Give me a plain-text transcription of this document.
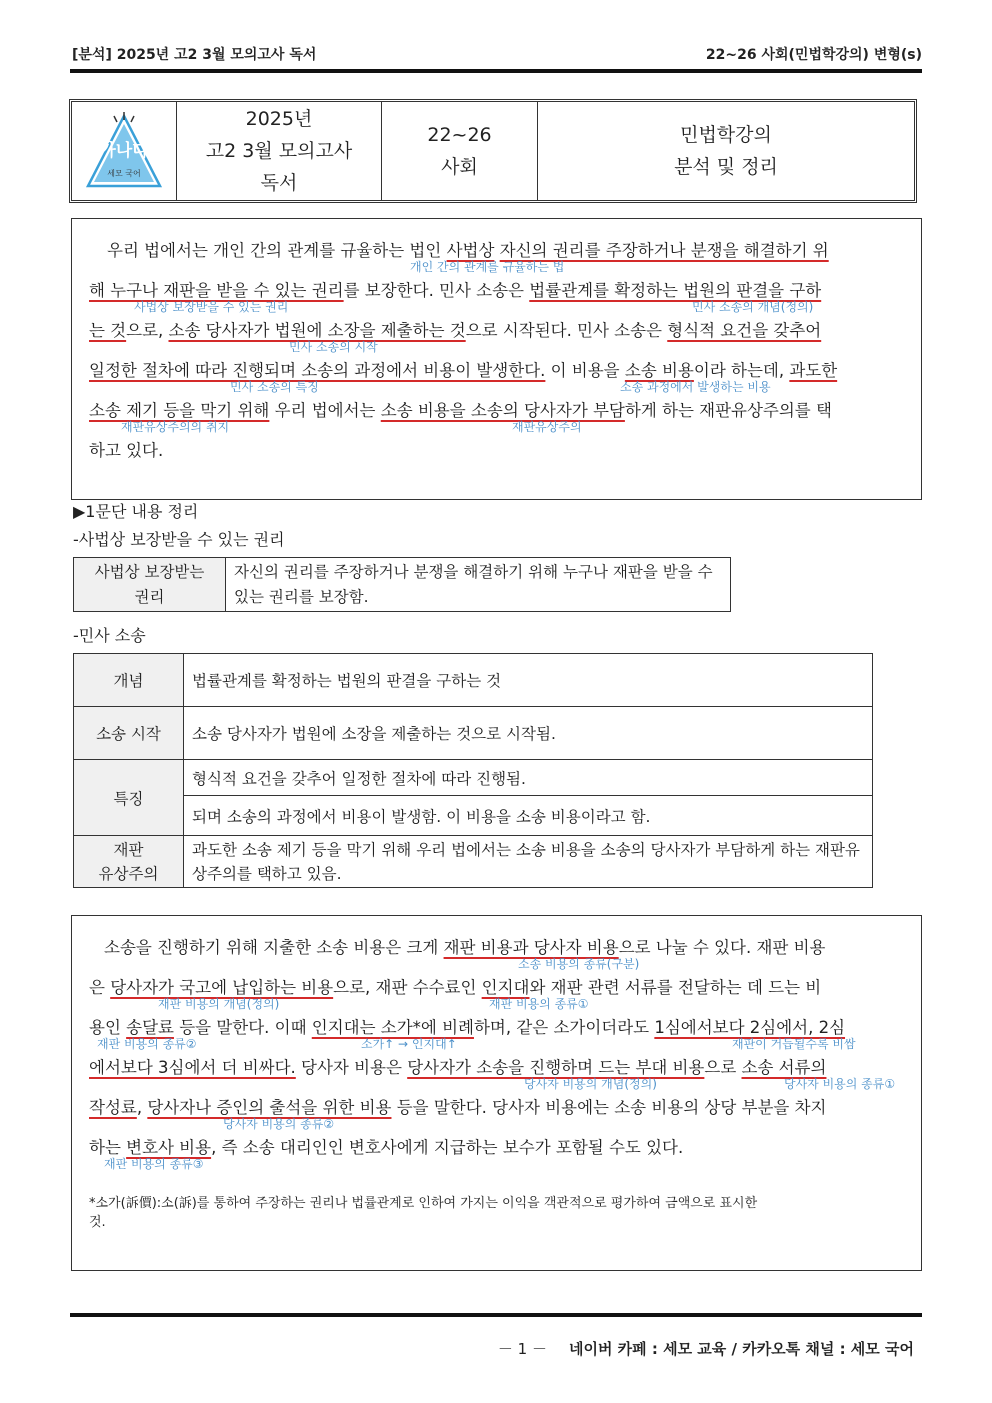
[분석] 2025년 고2 3월 모의고사 독서	22~26 사회(민법학강의) 변형(s)
가나다
세모 국어
2025년
고2 3월 모의고사
독서
22~26
사회
민법학강의
분석 및 정리
우리 법에서는 개인 간의 관계를 규율하는 법인 사법상 자신의 권리를 주장하거나 분쟁을 해결하기 위
해 누구나 재판을 받을 수 있는 권리를 보장한다. 민사 소송은 법률관계를 확정하는 법원의 판결을 구하
는 것으로, 소송 당사자가 법원에 소장을 제출하는 것으로 시작된다. 민사 소송은 형식적 요건을 갖추어
일정한 절차에 따라 진행되며 소송의 과정에서 비용이 발생한다. 이 비용을 소송 비용이라 하는데, 과도한
소송 제기 등을 막기 위해 우리 법에서는 소송 비용을 소송의 당사자가 부담하게 하는 재판유상주의를 택
하고 있다.
개인 간의 관계를 규율하는 법
사법상 보장받을 수 있는 권리	민사 소송의 개념(정의)
민사 소송의 시작
민사 소송의 특징	소송 과정에서 발생하는 비용
재판유상주의의 취지	재판유상주의
▶1문단 내용 정리
-사법상 보장받을 수 있는 권리
사법상 보장받는
권리
	자신의 권리를 주장하거나 분쟁을 해결하기 위해 누구나 재판을 받을 수 있는 권리를 보장함.
-민사 소송
개념	법률관계를 확정하는 법원의 판결을 구하는 것
소송 시작	소송 당사자가 법원에 소장을 제출하는 것으로 시작됨.
특징	형식적 요건을 갖추어 일정한 절차에 따라 진행됨.
	되며 소송의 과정에서 비용이 발생함. 이 비용을 소송 비용이라고 함.

재판
유상주의	과도한 소송 제기 등을 막기 위해 우리 법에서는 소송 비용을 소송의 당사자가 부담하게 하는 재판유상주의를 택하고 있음.
소송을 진행하기 위해 지출한 소송 비용은 크게 재판 비용과 당사자 비용으로 나눌 수 있다. 재판 비용
은 당사자가 국고에 납입하는 비용으로, 재판 수수료인 인지대와 재판 관련 서류를 전달하는 데 드는 비
용인 송달료 등을 말한다. 이때 인지대는 소가*에 비례하며, 같은 소가이더라도 1심에서보다 2심에서, 2심
에서보다 3심에서 더 비싸다. 당사자 비용은 당사자가 소송을 진행하며 드는 부대 비용으로 소송 서류의
작성료, 당사자나 증인의 출석을 위한 비용 등을 말한다. 당사자 비용에는 소송 비용의 상당 부분을 차지
하는 변호사 비용, 즉 소송 대리인인 변호사에게 지급하는 보수가 포함될 수도 있다.
소송 비용의 종류(구분)
재판 비용의 개념(정의)	재판 비용의 종류①
재판 비용의 종류②	소가↑ → 인지대↑	재판이 거듭될수록 비쌈
당사자 비용의 개념(정의)	당사자 비용의 종류①
당사자 비용의 종류②
재판 비용의 종류③
*소가(訴價):소(訴)를 통하여 주장하는 권리나 법률관계로 인하여 가지는 이익을 객관적으로 평가하여 금액으로 표시한
것.
－ 1 － 네이버 카페 : 세모 교육 / 카카오톡 채널 : 세모 국어
